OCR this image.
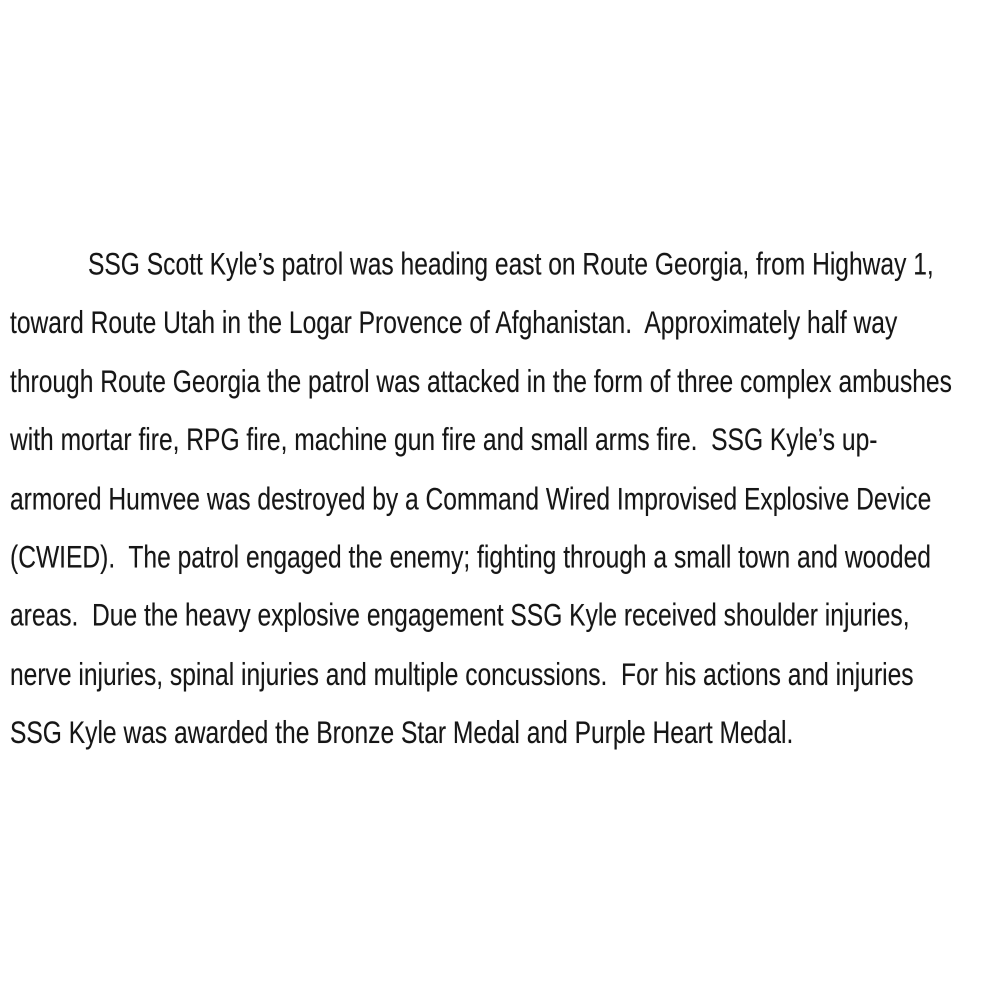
SSG Scott Kyle’s patrol was heading east on Route Georgia, from Highway 1,
toward Route Utah in the Logar Provence of Afghanistan.  Approximately half way
through Route Georgia the patrol was attacked in the form of three complex ambushes
with mortar fire, RPG fire, machine gun fire and small arms fire.  SSG Kyle’s up-
armored Humvee was destroyed by a Command Wired Improvised Explosive Device
(CWIED).  The patrol engaged the enemy; fighting through a small town and wooded
areas.  Due the heavy explosive engagement SSG Kyle received shoulder injuries,
nerve injuries, spinal injuries and multiple concussions.  For his actions and injuries
SSG Kyle was awarded the Bronze Star Medal and Purple Heart Medal.
